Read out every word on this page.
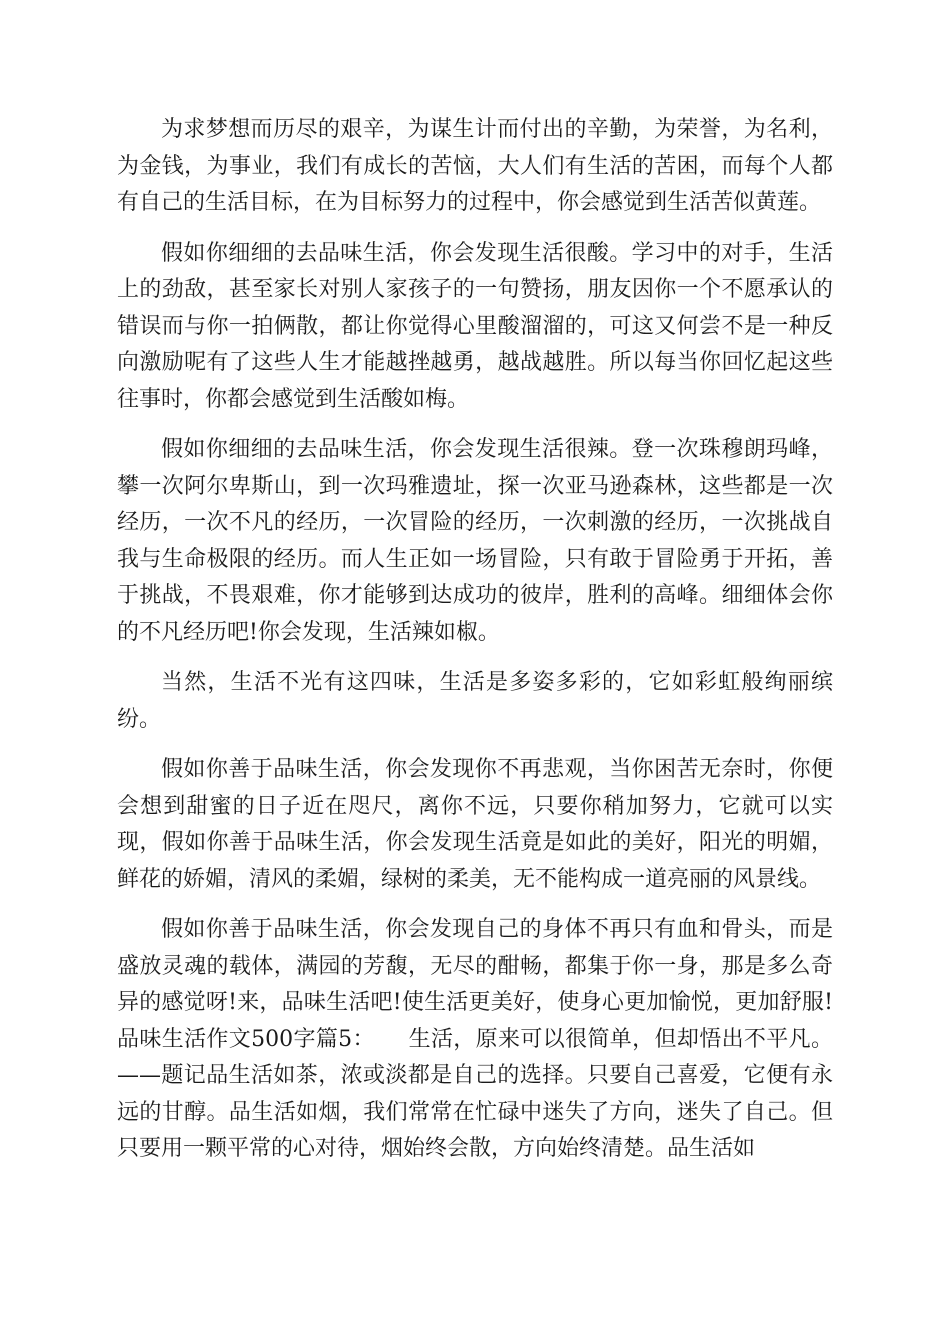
为求梦想而历尽的艰辛，为谋生计而付出的辛勤，为荣誉，为名利，为金钱，为事业，我们有成长的苦恼，大人们有生活的苦困，而每个人都有自己的生活目标，在为目标努力的过程中，你会感觉到生活苦似黄莲。

假如你细细的去品味生活，你会发现生活很酸。学习中的对手，生活上的劲敌，甚至家长对别人家孩子的一句赞扬，朋友因你一个不愿承认的错误而与你一拍俩散，都让你觉得心里酸溜溜的，可这又何尝不是一种反向激励呢有了这些人生才能越挫越勇，越战越胜。所以每当你回忆起这些往事时，你都会感觉到生活酸如梅。

假如你细细的去品味生活，你会发现生活很辣。登一次珠穆朗玛峰，攀一次阿尔卑斯山，到一次玛雅遗址，探一次亚马逊森林，这些都是一次经历，一次不凡的经历，一次冒险的经历，一次刺激的经历，一次挑战自我与生命极限的经历。而人生正如一场冒险，只有敢于冒险勇于开拓，善于挑战，不畏艰难，你才能够到达成功的彼岸，胜利的高峰。细细体会你的不凡经历吧!你会发现，生活辣如椒。

当然，生活不光有这四味，生活是多姿多彩的，它如彩虹般绚丽缤纷。

假如你善于品味生活，你会发现你不再悲观，当你困苦无奈时，你便会想到甜蜜的日子近在咫尺，离你不远，只要你稍加努力，它就可以实现，假如你善于品味生活，你会发现生活竟是如此的美好，阳光的明媚，鲜花的娇媚，清风的柔媚，绿树的柔美，无不能构成一道亮丽的风景线。

假如你善于品味生活，你会发现自己的身体不再只有血和骨头，而是盛放灵魂的载体，满园的芳馥，无尽的酣畅，都集于你一身，那是多么奇异的感觉呀!来，品味生活吧!使生活更美好，使身心更加愉悦，更加舒服!品味生活作文500字篇5：　　生活，原来可以很简单，但却悟出不平凡。——题记品生活如茶，浓或淡都是自己的选择。只要自己喜爱，它便有永远的甘醇。品生活如烟，我们常常在忙碌中迷失了方向，迷失了自己。但只要用一颗平常的心对待，烟始终会散，方向始终清楚。品生活如
